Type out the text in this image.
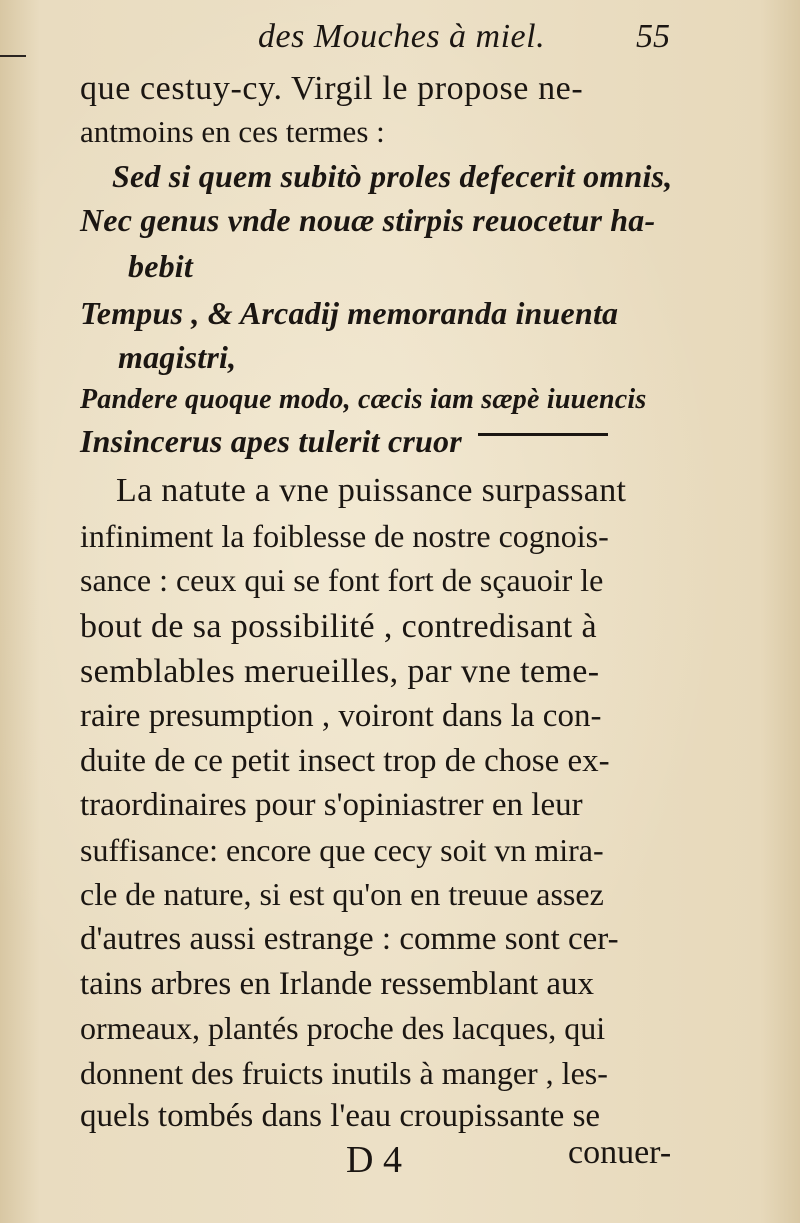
des Mouches à miel.	55
que cestuy-cy. Virgil le propose ne-
antmoins en ces termes :
Sed si quem subitò proles defecerit omnis,
Nec genus vnde nouæ stirpis reuocetur ha-
bebit
Tempus , & Arcadij memoranda inuenta
magistri,
Pandere quoque modo, cæcis iam sæpè iuuencis
Insincerus apes tulerit cruor
La natute a vne puissance surpassant
infiniment la foiblesse de nostre cognois-
sance : ceux qui se font fort de sçauoir le
bout de sa possibilité , contredisant à
semblables merueilles, par vne teme-
raire presumption , voiront dans la con-
duite de ce petit insect trop de chose ex-
traordinaires pour s'opiniastrer en leur
suffisance: encore que cecy soit vn mira-
cle de nature, si est qu'on en treuue assez
d'autres aussi estrange : comme sont cer-
tains arbres en Irlande ressemblant aux
ormeaux, plantés proche des lacques, qui
donnent des fruicts inutils à manger , les-
quels tombés dans l'eau croupissante se
D 4	conuer-
